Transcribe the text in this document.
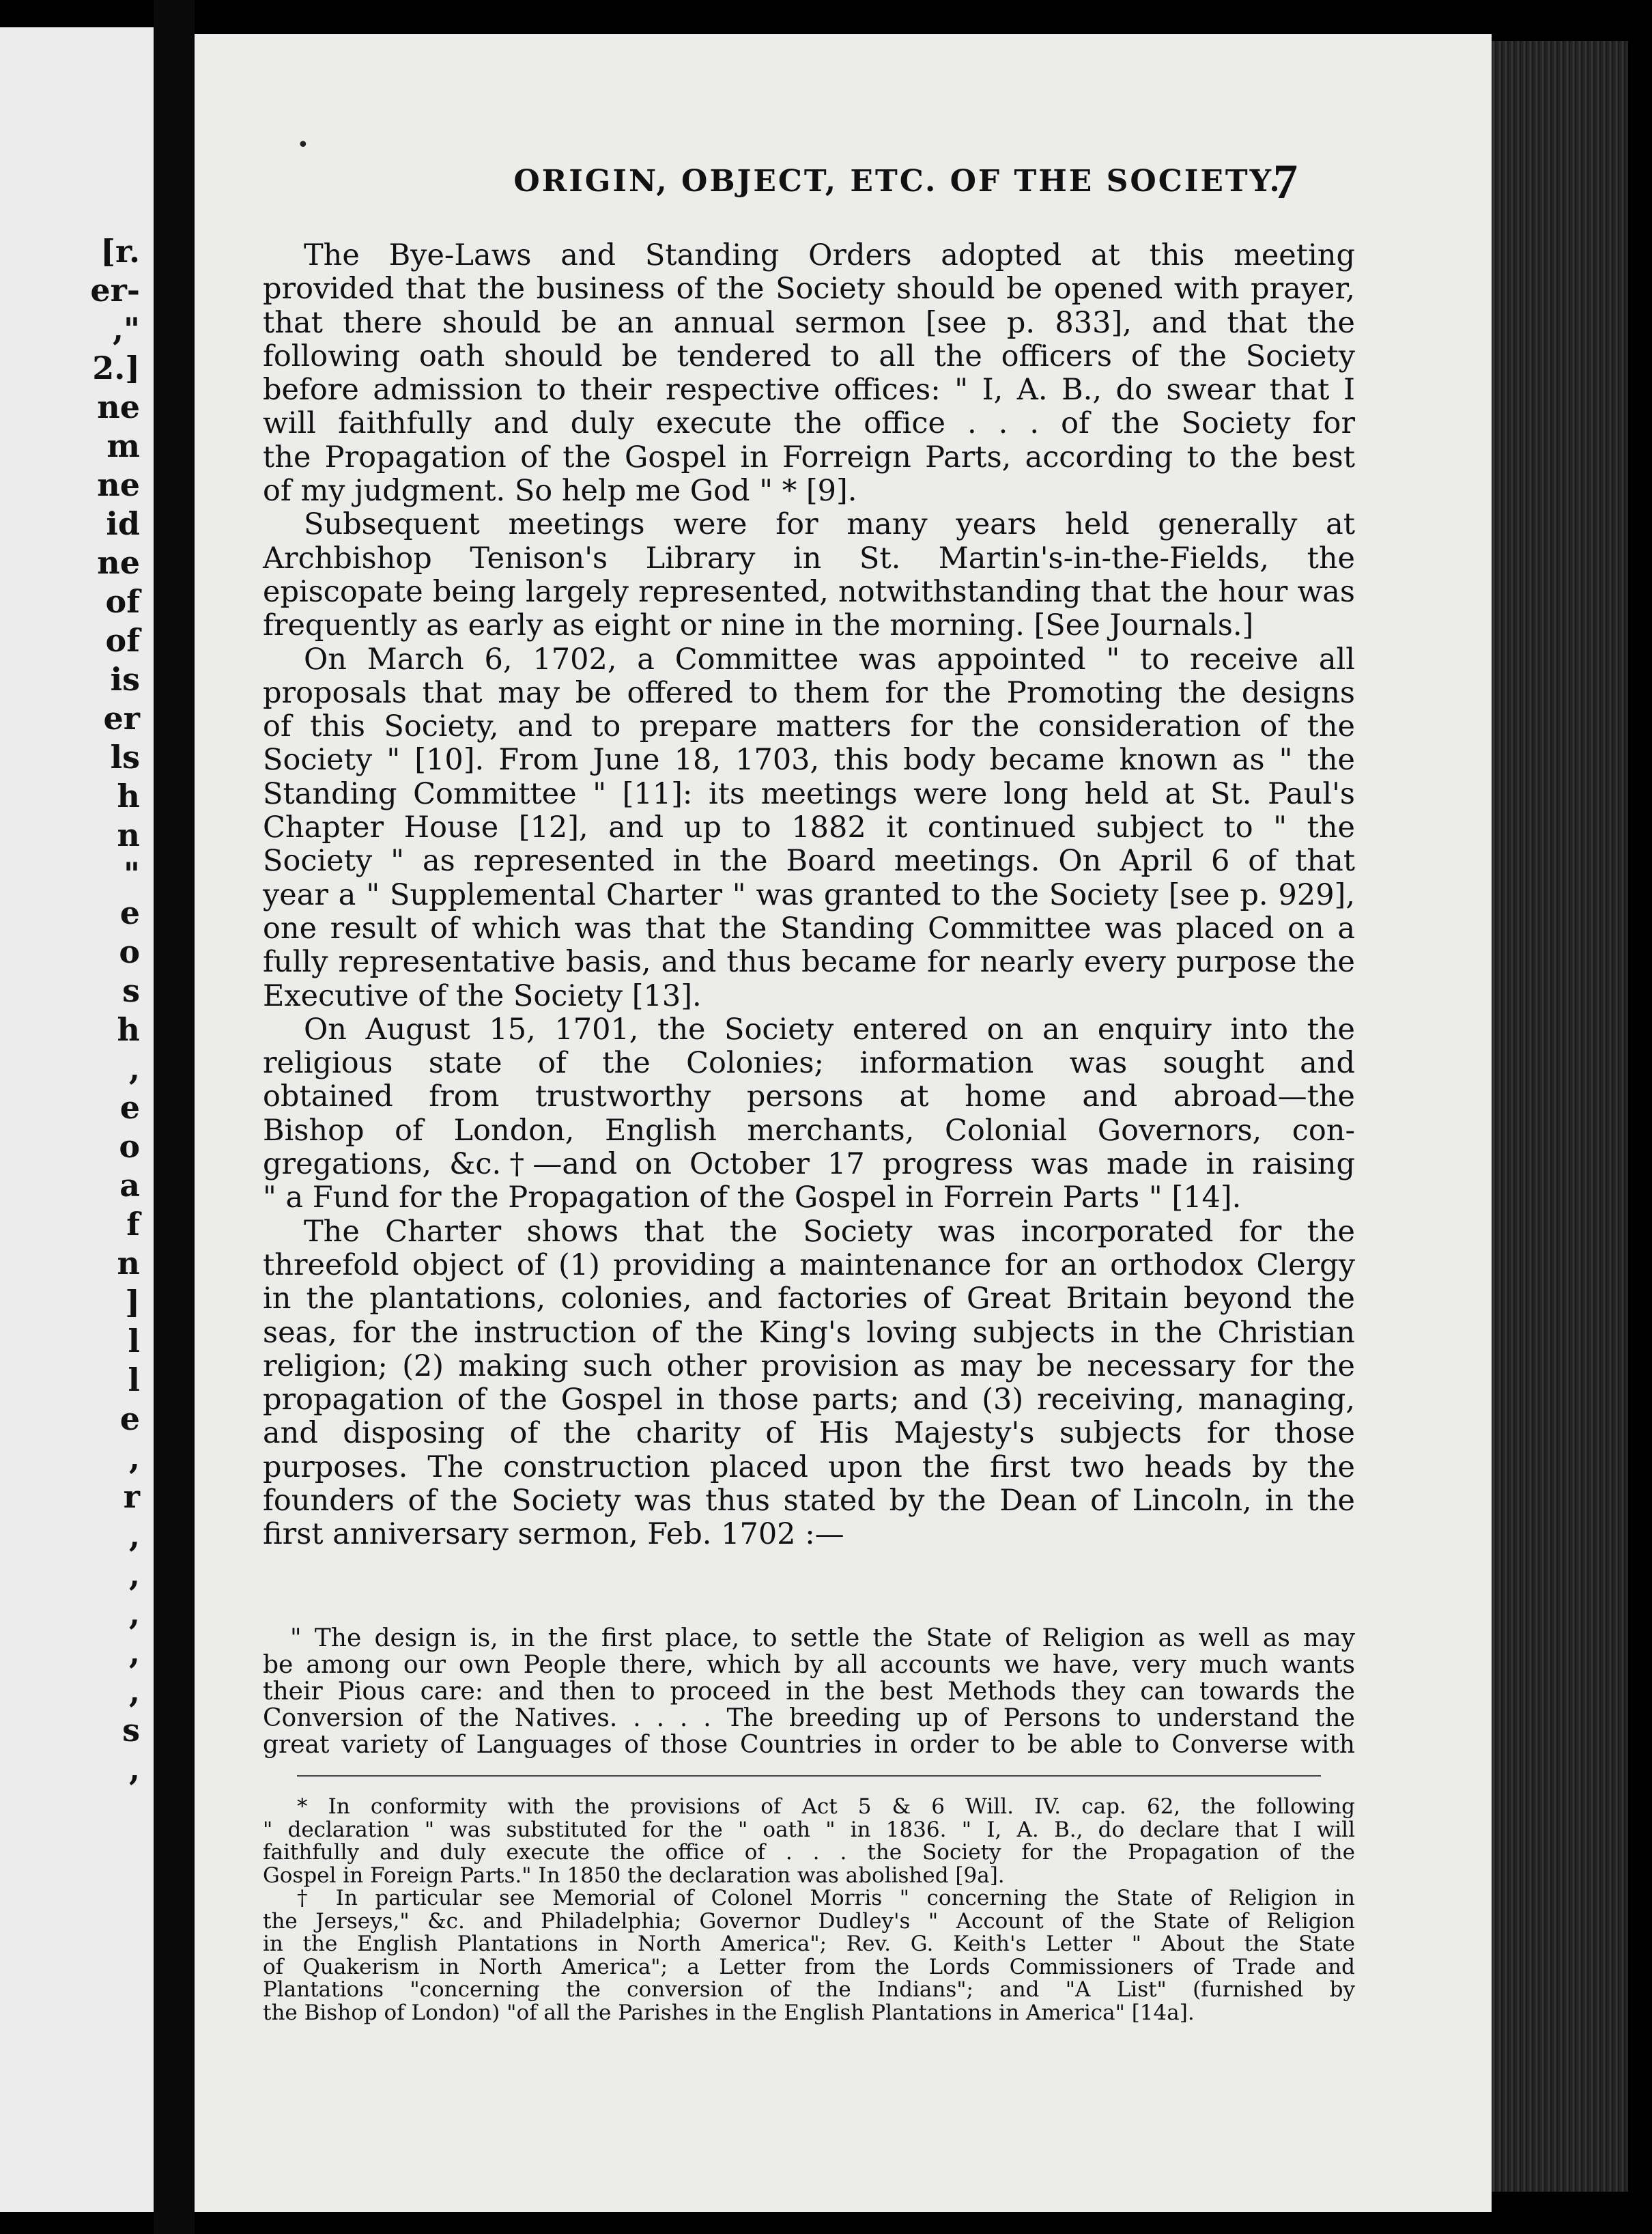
[r.
er-
,"
2.]
ne
m
ne
id
ne
of
of
is
er
ls
h
n
"
e
o
s
h
,
e
o
a
f
n
]
l
l
e
,
r
,
,
,
,
,
s
,
•
ORIGIN, OBJECT, ETC. OF THE SOCIETY.
7
The Bye-Laws and Standing Orders adopted at this meeting
provided that the business of the Society should be opened with prayer,
that there should be an annual sermon [see p. 833], and that the
following oath should be tendered to all the officers of the Society
before admission to their respective offices: " I, A. B., do swear that I
will faithfully and duly execute the office . . . of the Society for
the Propagation of the Gospel in Forreign Parts, according to the best
of my judgment. So help me God " * [9].
Subsequent meetings were for many years held generally at
Archbishop Tenison's Library in St. Martin's-in-the-Fields, the
episcopate being largely represented, notwithstanding that the hour was
frequently as early as eight or nine in the morning. [See Journals.]
On March 6, 1702, a Committee was appointed " to receive all
proposals that may be offered to them for the Promoting the designs
of this Society, and to prepare matters for the consideration of the
Society " [10]. From June 18, 1703, this body became known as " the
Standing Committee " [11]: its meetings were long held at St. Paul's
Chapter House [12], and up to 1882 it continued subject to " the
Society " as represented in the Board meetings. On April 6 of that
year a " Supplemental Charter " was granted to the Society [see p. 929],
one result of which was that the Standing Committee was placed on a
fully representative basis, and thus became for nearly every purpose the
Executive of the Society [13].
On August 15, 1701, the Society entered on an enquiry into the
religious state of the Colonies; information was sought and
obtained from trustworthy persons at home and abroad—the
Bishop of London, English merchants, Colonial Governors, con-
gregations, &c.†—and on October 17 progress was made in raising
" a Fund for the Propagation of the Gospel in Forrein Parts " [14].
The Charter shows that the Society was incorporated for the
threefold object of (1) providing a maintenance for an orthodox Clergy
in the plantations, colonies, and factories of Great Britain beyond the
seas, for the instruction of the King's loving subjects in the Christian
religion; (2) making such other provision as may be necessary for the
propagation of the Gospel in those parts; and (3) receiving, managing,
and disposing of the charity of His Majesty's subjects for those
purposes. The construction placed upon the first two heads by the
founders of the Society was thus stated by the Dean of Lincoln, in the
first anniversary sermon, Feb. 1702 :—
" The design is, in the first place, to settle the State of Religion as well as may
be among our own People there, which by all accounts we have, very much wants
their Pious care: and then to proceed in the best Methods they can towards the
Conversion of the Natives. . . . . The breeding up of Persons to understand the
great variety of Languages of those Countries in order to be able to Converse with
* In conformity with the provisions of Act 5 & 6 Will. IV. cap. 62, the following
" declaration " was substituted for the " oath " in 1836. " I, A. B., do declare that I will
faithfully and duly execute the office of . . . the Society for the Propagation of the
Gospel in Foreign Parts." In 1850 the declaration was abolished [9a].
† In particular see Memorial of Colonel Morris " concerning the State of Religion in
the Jerseys," &c. and Philadelphia; Governor Dudley's " Account of the State of Religion
in the English Plantations in North America"; Rev. G. Keith's Letter " About the State
of Quakerism in North America"; a Letter from the Lords Commissioners of Trade and
Plantations "concerning the conversion of the Indians"; and "A List" (furnished by
the Bishop of London) "of all the Parishes in the English Plantations in America" [14a].
